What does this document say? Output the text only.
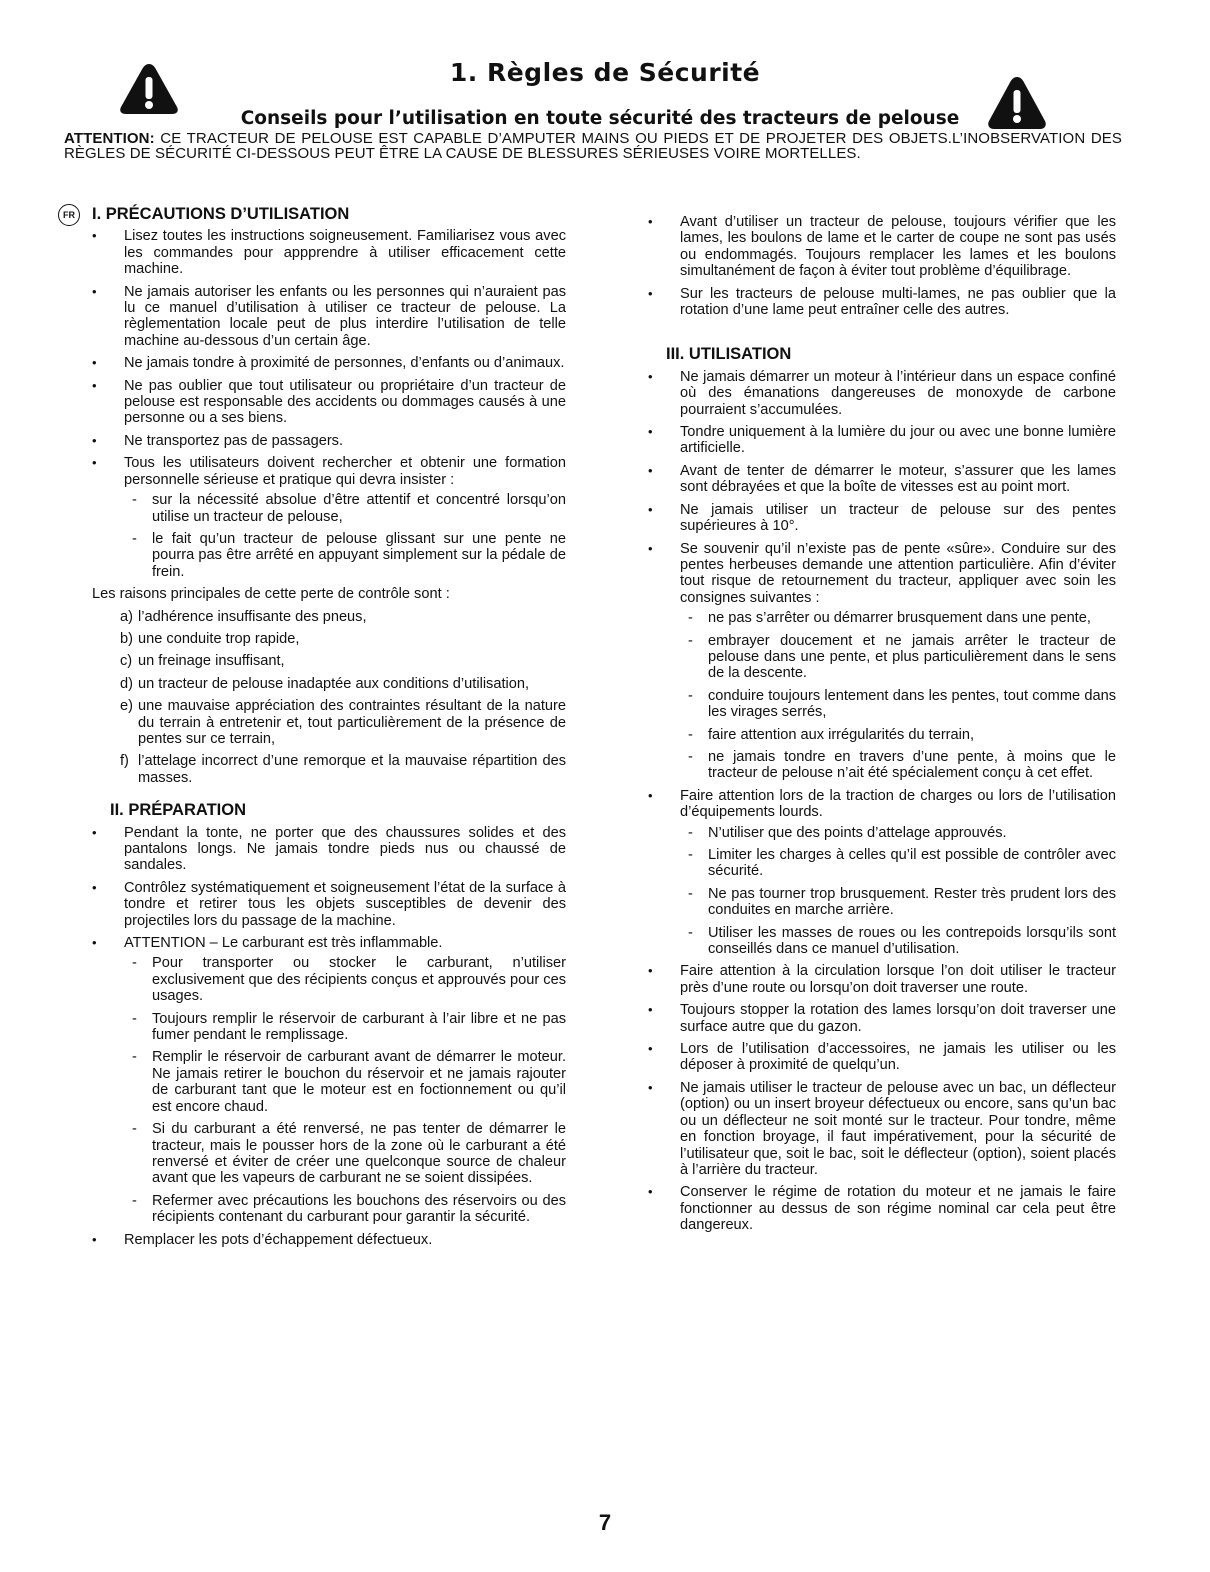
1. Règles de Sécurité
Conseils pour l’utilisation en toute sécurité des tracteurs de pelouse
ATTENTION: CE TRACTEUR DE PELOUSE EST CAPABLE D’AMPUTER MAINS OU PIEDS ET DE PROJETER DES OBJETS.L’INOBSERVATION DES RÈGLES DE SÉCURITÉ CI-DESSOUS PEUT ÊTRE LA CAUSE DE BLESSURES SÉRIEUSES VOIRE MORTELLES.
FR	I. PRÉCAUTIONS D’UTILISATION
• Lisez toutes les instructions soigneusement. Familiarisez vous avec les commandes pour appprendre à utiliser efficacement cette machine.
• Ne jamais autoriser les enfants ou les personnes qui n’auraient pas lu ce manuel d’utilisation à utiliser ce tracteur de pelouse. La règlementation locale peut de plus interdire l’utilisation de telle machine au-dessous d’un certain âge.
• Ne jamais tondre à proximité de personnes, d’enfants ou d’animaux.
• Ne pas oublier que tout utilisateur ou propriétaire d’un tracteur de pelouse est responsable des accidents ou dommages causés à une personne ou a ses biens.
• Ne transportez pas de passagers.
• Tous les utilisateurs doivent rechercher et obtenir une formation personnelle sérieuse et pratique qui devra insister :
- sur la nécessité absolue d’être attentif et concentré lorsqu’on utilise un tracteur de pelouse,
- le fait qu’un tracteur de pelouse glissant sur une pente ne pourra pas être arrêté en appuyant simplement sur la pédale de frein.

Les raisons principales de cette perte de contrôle sont :

a) l’adhérence insuffisante des pneus,
b) une conduite trop rapide,
c) un freinage insuffisant,
d) un tracteur de pelouse inadaptée aux conditions d’utilisation,
e) une mauvaise appréciation des contraintes résultant de la nature du terrain à entretenir et, tout particulièrement de la présence de pentes sur ce terrain,
f) l’attelage incorrect d’une remorque et la mauvaise répartition des masses.
II. PRÉPARATION
• Pendant la tonte, ne porter que des chaussures solides et des pantalons longs. Ne jamais tondre pieds nus ou chaussé de sandales.
• Contrôlez systématiquement et soigneusement l’état de la surface à tondre et retirer tous les objets susceptibles de devenir des projectiles lors du passage de la machine.
• ATTENTION – Le carburant est très inflammable.
- Pour transporter ou stocker le carburant, n’utiliser exclusivement que des récipients conçus et approuvés pour ces usages.
- Toujours remplir le réservoir de carburant à l’air libre et ne pas fumer pendant le remplissage.
- Remplir le réservoir de carburant avant de démarrer le moteur. Ne jamais retirer le bouchon du réservoir et ne jamais rajouter de carburant tant que le moteur est en foctionnement ou qu’il est encore chaud.
- Si du carburant a été renversé, ne pas tenter de démarrer le tracteur, mais le pousser hors de la zone où le carburant a été renversé et éviter de créer une quelconque source de chaleur avant que les vapeurs de carburant ne se soient dissipées.
- Refermer avec précautions les bouchons des réservoirs ou des récipients contenant du carburant pour garantir la sécurité.
• Remplacer les pots d’échappement défectueux.
• Avant d’utiliser un tracteur de pelouse, toujours vérifier que les lames, les boulons de lame et le carter de coupe ne sont pas usés ou endommagés. Toujours remplacer les lames et les boulons simultanément de façon à éviter tout problème d’équilibrage.
• Sur les tracteurs de pelouse multi-lames, ne pas oublier que la rotation d’une lame peut entraîner celle des autres.
III. UTILISATION
• Ne jamais démarrer un moteur à l’intérieur dans un espace confiné où des émanations dangereuses de monoxyde de carbone pourraient s’accumulées.
• Tondre uniquement à la lumière du jour ou avec une bonne lumière artificielle.
• Avant de tenter de démarrer le moteur, s’assurer que les lames sont débrayées et que la boîte de vitesses est au point mort.
• Ne jamais utiliser un tracteur de pelouse sur des pentes supérieures à 10°.
• Se souvenir qu’il n’existe pas de pente «sûre». Conduire sur des pentes herbeuses demande une attention particulière. Afin d’éviter tout risque de retournement du tracteur, appliquer avec soin les consignes suivantes :
- ne pas s’arrêter ou démarrer brusquement dans une pente,
- embrayer doucement et ne jamais arrêter le tracteur de pelouse dans une pente, et plus particulièrement dans le sens de la descente.
- conduire toujours lentement dans les pentes, tout comme dans les virages serrés,
- faire attention aux irrégularités du terrain,
- ne jamais tondre en travers d’une pente, à moins que le tracteur de pelouse n’ait été spécialement conçu à cet effet.
• Faire attention lors de la traction de charges ou lors de l’utilisation d’équipements lourds.
- N’utiliser que des points d’attelage approuvés.
- Limiter les charges à celles qu’il est possible de contrôler avec sécurité.
- Ne pas tourner trop brusquement. Rester très prudent lors des conduites en marche arrière.
- Utiliser les masses de roues ou les contrepoids lorsqu’ils sont conseillés dans ce manuel d’utilisation.
• Faire attention à la circulation lorsque l’on doit utiliser le tracteur près d’une route ou lorsqu’on doit traverser une route.
• Toujours stopper la rotation des lames lorsqu’on doit traverser une surface autre que du gazon.
• Lors de l’utilisation d’accessoires, ne jamais les utiliser ou les déposer à proximité de quelqu’un.
• Ne jamais utiliser le tracteur de pelouse avec un bac, un déflecteur (option) ou un insert broyeur défectueux ou encore, sans qu’un bac ou un déflecteur ne soit monté sur le tracteur. Pour tondre, même en fonction broyage, il faut impérativement, pour la sécurité de l’utilisateur que, soit le bac, soit le déflecteur (option), soient placés à l’arrière du tracteur.
• Conserver le régime de rotation du moteur et ne jamais le faire fonctionner au dessus de son régime nominal car cela peut être dangereux.
7
